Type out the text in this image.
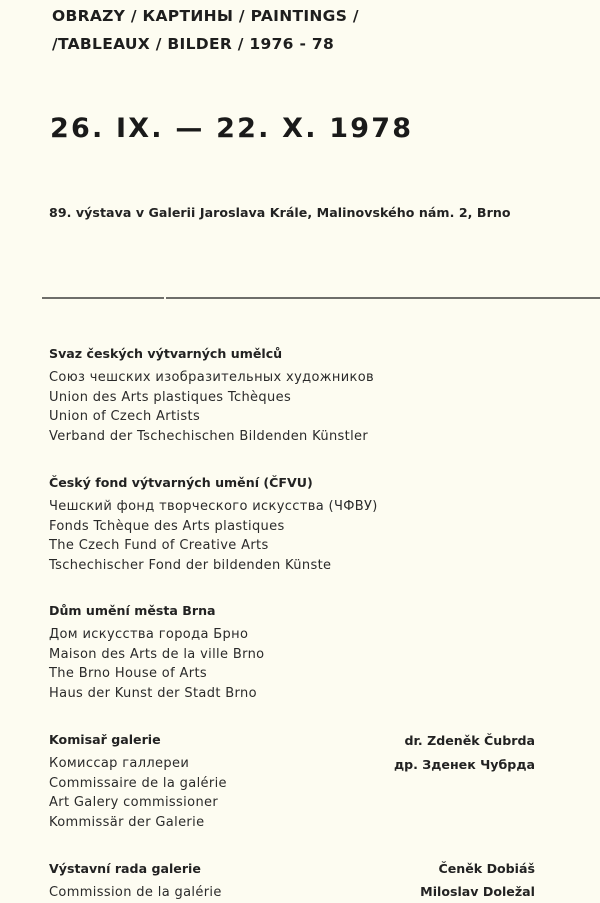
OBRAZY / КАРТИНЫ / PAINTINGS /
/TABLEAUX / BILDER / 1976 - 78
26. IX. — 22. X. 1978
89. výstava v Galerii Jaroslava Krále, Malinovského nám. 2, Brno
Svaz českých výtvarných umělců
Союз чешских изобразительных художников
Union des Arts plastiques Tchèques
Union of Czech Artists
Verband der Tschechischen Bildenden Künstler
Český fond výtvarných umění (ČFVU)
Чешский фонд творческого искусства (ЧФВУ)
Fonds Tchèque des Arts plastiques
The Czech Fund of Creative Arts
Tschechischer Fond der bildenden Künste
Dům umění města Brna
Дом искусства города Брно
Maison des Arts de la ville Brno
The Brno House of Arts
Haus der Kunst der Stadt Brno
Komisař galerie
Комиссар галлереи
Commissaire de la galérie
Art Galery commissioner
Kommissär der Galerie
dr. Zdeněk Čubrda
др. Зденек Чубрда
Výstavní rada galerie
Commission de la galérie
Čeněk Dobiáš
Miloslav Doležal
